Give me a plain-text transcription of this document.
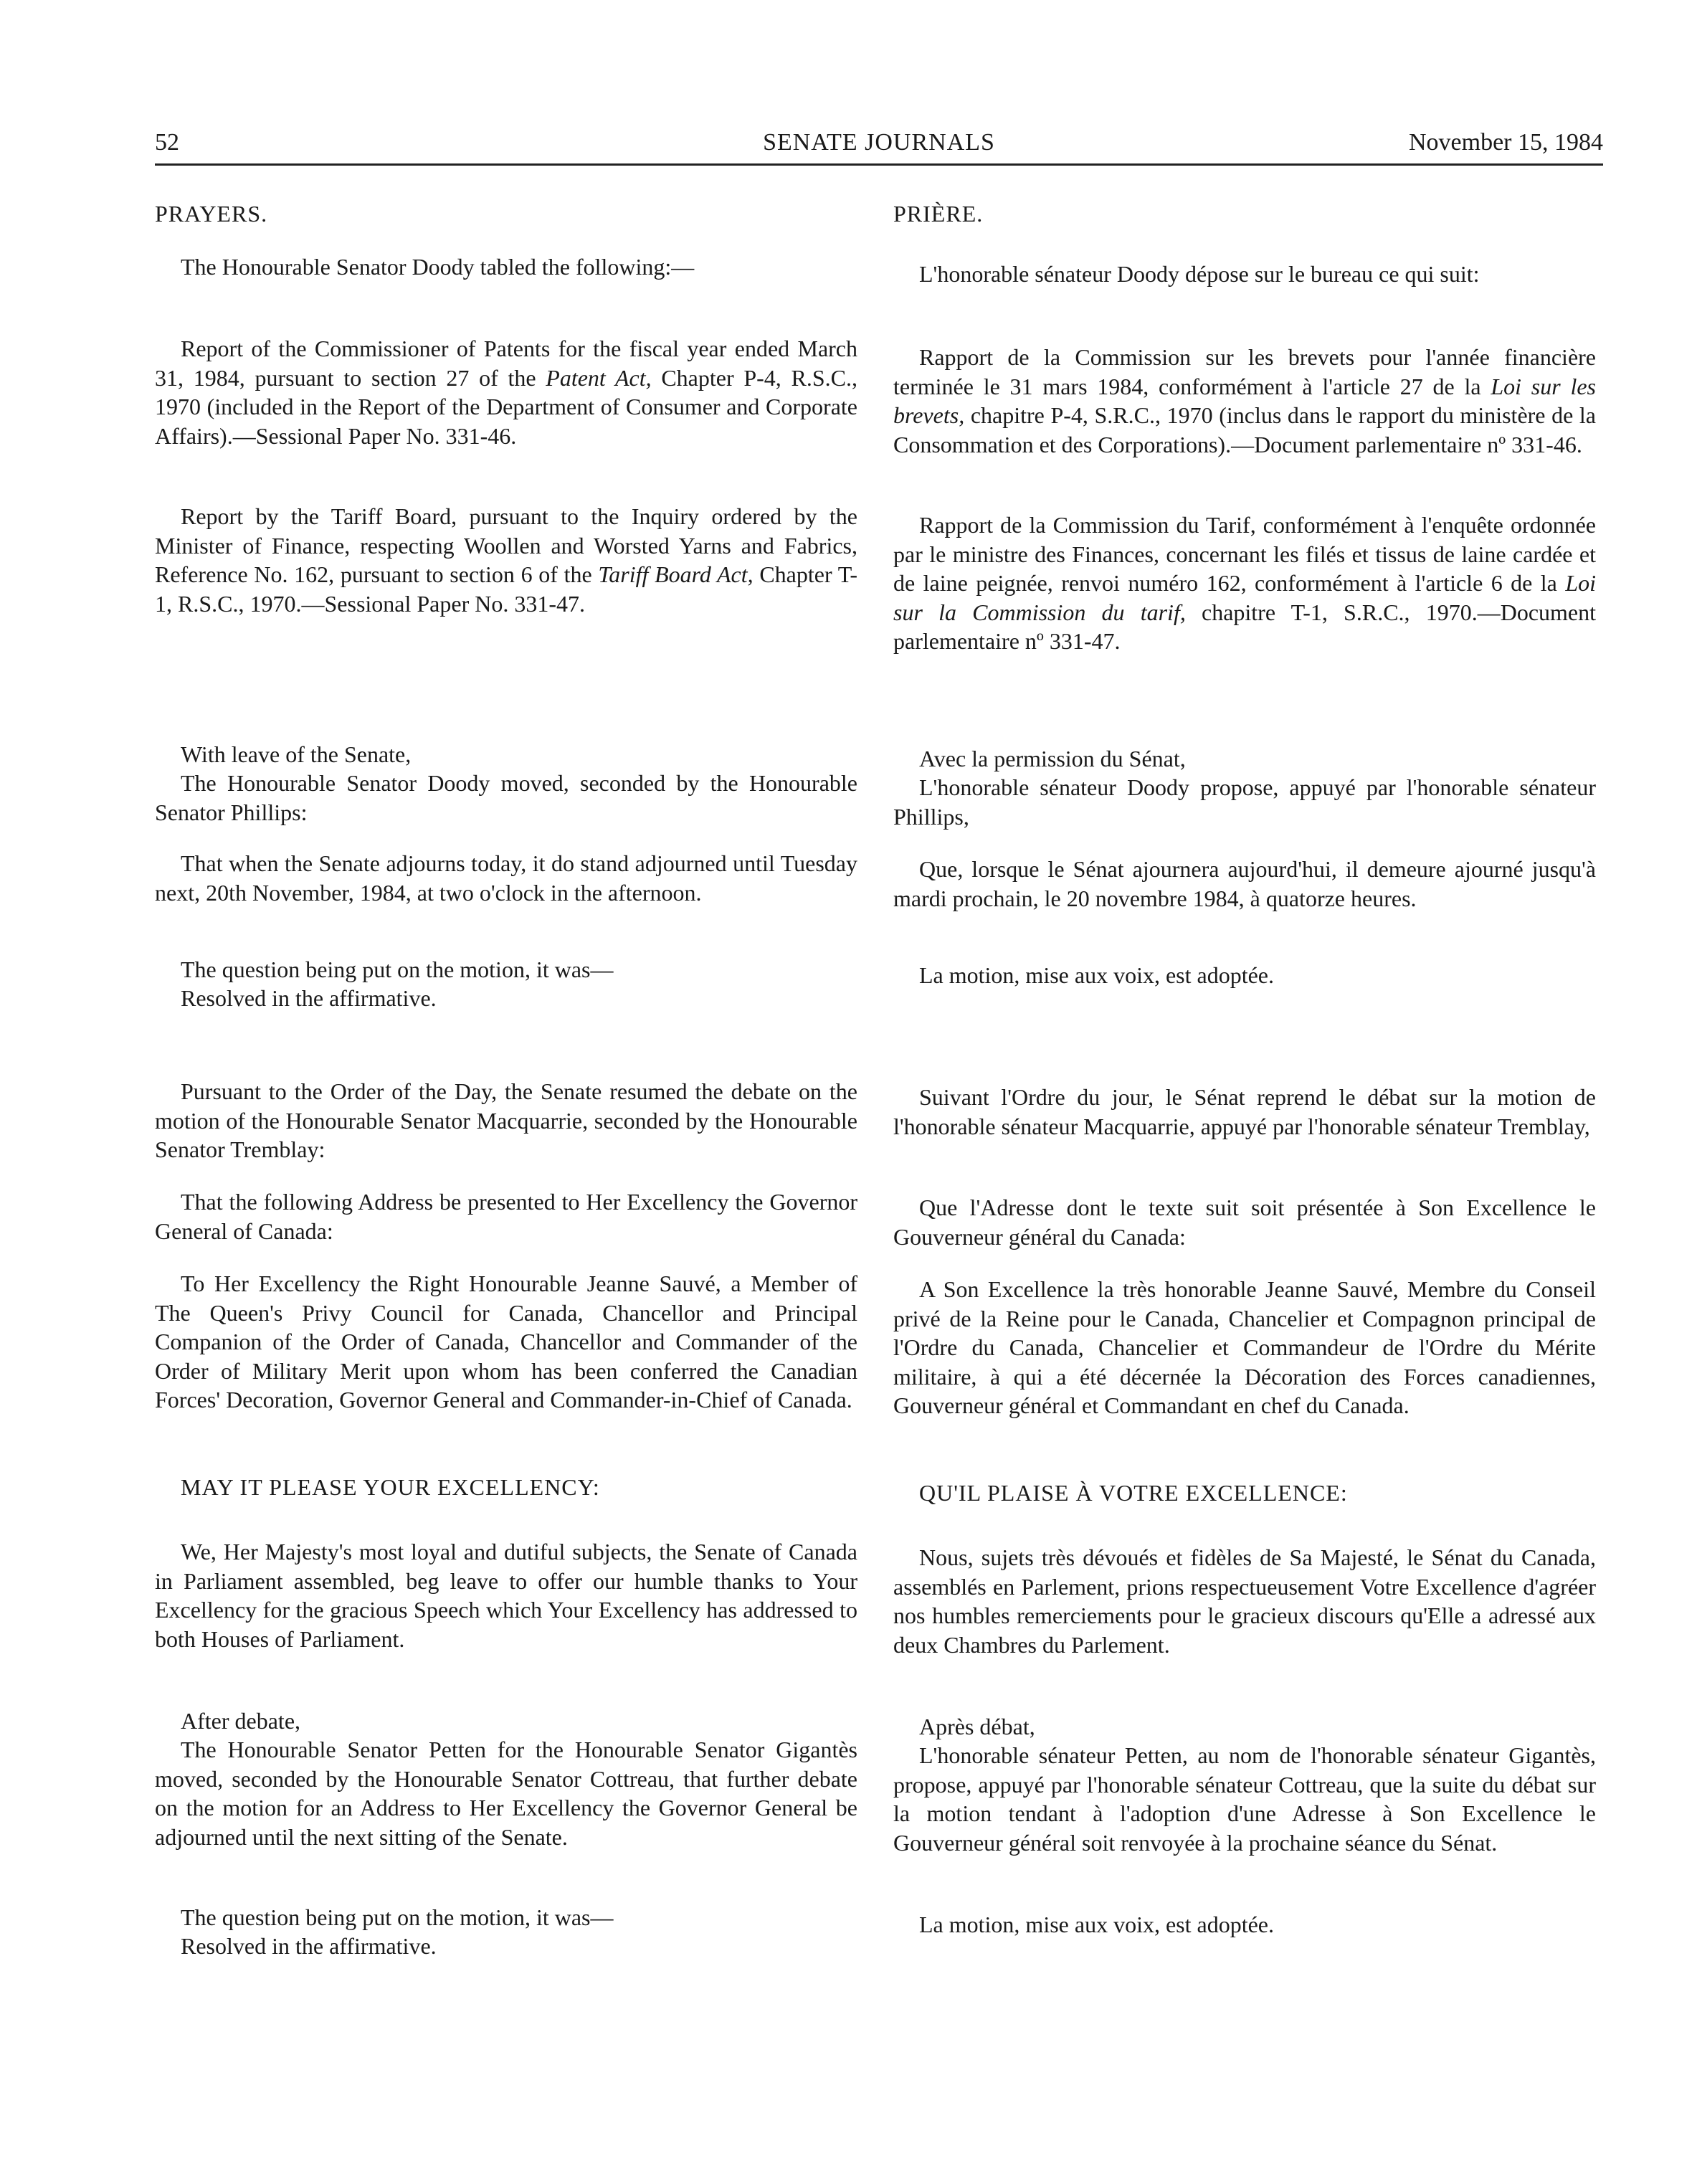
52	SENATE JOURNALS	November 15, 1984

PRAYERS.

The Honourable Senator Doody tabled the following:—

Report of the Commissioner of Patents for the fiscal year ended March 31, 1984, pursuant to section 27 of the Patent Act, Chapter P-4, R.S.C., 1970 (included in the Report of the Department of Consumer and Corporate Affairs).—Sessional Paper No. 331-46.

Report by the Tariff Board, pursuant to the Inquiry ordered by the Minister of Finance, respecting Woollen and Worsted Yarns and Fabrics, Reference No. 162, pursuant to section 6 of the Tariff Board Act, Chapter T-1, R.S.C., 1970.—Sessional Paper No. 331-47.

With leave of the Senate,

The Honourable Senator Doody moved, seconded by the Honourable Senator Phillips:

That when the Senate adjourns today, it do stand adjourned until Tuesday next, 20th November, 1984, at two o'clock in the afternoon.

The question being put on the motion, it was—

Resolved in the affirmative.

Pursuant to the Order of the Day, the Senate resumed the debate on the motion of the Honourable Senator Macquarrie, seconded by the Honourable Senator Tremblay:

That the following Address be presented to Her Excellency the Governor General of Canada:

To Her Excellency the Right Honourable Jeanne Sauvé, a Member of The Queen's Privy Council for Canada, Chancellor and Principal Companion of the Order of Canada, Chancellor and Commander of the Order of Military Merit upon whom has been conferred the Canadian Forces' Decoration, Governor General and Commander-in-Chief of Canada.

MAY IT PLEASE YOUR EXCELLENCY:

We, Her Majesty's most loyal and dutiful subjects, the Senate of Canada in Parliament assembled, beg leave to offer our humble thanks to Your Excellency for the gracious Speech which Your Excellency has addressed to both Houses of Parliament.

After debate,

The Honourable Senator Petten for the Honourable Senator Gigantès moved, seconded by the Honourable Senator Cottreau, that further debate on the motion for an Address to Her Excellency the Governor General be adjourned until the next sitting of the Senate.

The question being put on the motion, it was—

Resolved in the affirmative.

PRIÈRE.

L'honorable sénateur Doody dépose sur le bureau ce qui suit:

Rapport de la Commission sur les brevets pour l'année financière terminée le 31 mars 1984, conformément à l'article 27 de la Loi sur les brevets, chapitre P-4, S.R.C., 1970 (inclus dans le rapport du ministère de la Consommation et des Corporations).—Document parlementaire nº 331-46.

Rapport de la Commission du Tarif, conformément à l'enquête ordonnée par le ministre des Finances, concernant les filés et tissus de laine cardée et de laine peignée, renvoi numéro 162, conformément à l'article 6 de la Loi sur la Commission du tarif, chapitre T-1, S.R.C., 1970.—Document parlementaire nº 331-47.

Avec la permission du Sénat,

L'honorable sénateur Doody propose, appuyé par l'honorable sénateur Phillips,

Que, lorsque le Sénat ajournera aujourd'hui, il demeure ajourné jusqu'à mardi prochain, le 20 novembre 1984, à quatorze heures.

La motion, mise aux voix, est adoptée.

Suivant l'Ordre du jour, le Sénat reprend le débat sur la motion de l'honorable sénateur Macquarrie, appuyé par l'honorable sénateur Tremblay,

Que l'Adresse dont le texte suit soit présentée à Son Excellence le Gouverneur général du Canada:

A Son Excellence la très honorable Jeanne Sauvé, Membre du Conseil privé de la Reine pour le Canada, Chancelier et Compagnon principal de l'Ordre du Canada, Chancelier et Commandeur de l'Ordre du Mérite militaire, à qui a été décernée la Décoration des Forces canadiennes, Gouverneur général et Commandant en chef du Canada.

QU'IL PLAISE À VOTRE EXCELLENCE:

Nous, sujets très dévoués et fidèles de Sa Majesté, le Sénat du Canada, assemblés en Parlement, prions respectueusement Votre Excellence d'agréer nos humbles remerciements pour le gracieux discours qu'Elle a adressé aux deux Chambres du Parlement.

Après débat,

L'honorable sénateur Petten, au nom de l'honorable sénateur Gigantès, propose, appuyé par l'honorable sénateur Cottreau, que la suite du débat sur la motion tendant à l'adoption d'une Adresse à Son Excellence le Gouverneur général soit renvoyée à la prochaine séance du Sénat.

La motion, mise aux voix, est adoptée.
